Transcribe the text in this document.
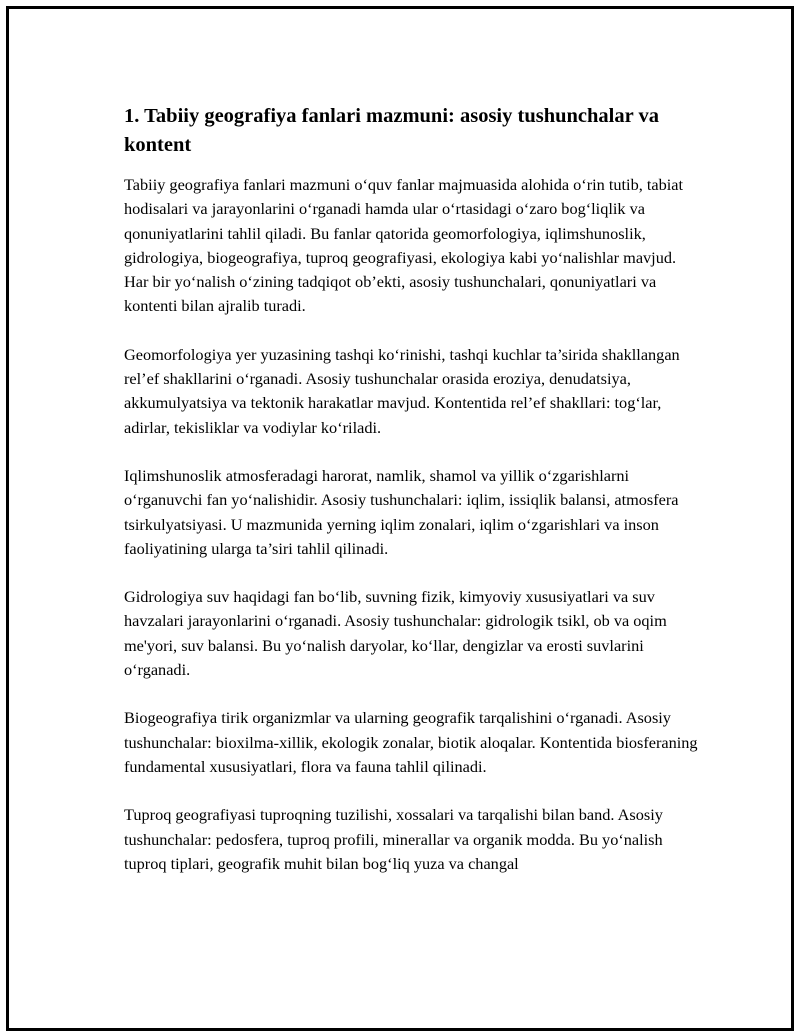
1. Tabiiy geografiya fanlari mazmuni: asosiy tushunchalar va kontent

Tabiiy geografiya fanlari mazmuni o‘quv fanlar majmuasida alohida o‘rin tutib, tabiat hodisalari va jarayonlarini o‘rganadi hamda ular o‘rtasidagi o‘zaro bog‘liqlik va qonuniyatlarini tahlil qiladi. Bu fanlar qatorida geomorfologiya, iqlimshunoslik, gidrologiya, biogeografiya, tuproq geografiyasi, ekologiya kabi yo‘nalishlar mavjud. Har bir yo‘nalish o‘zining tadqiqot ob’ekti, asosiy tushunchalari, qonuniyatlari va kontenti bilan ajralib turadi.

Geomorfologiya yer yuzasining tashqi ko‘rinishi, tashqi kuchlar ta’sirida shakllangan rel’ef shakllarini o‘rganadi. Asosiy tushunchalar orasida eroziya, denudatsiya, akkumulyatsiya va tektonik harakatlar mavjud. Kontentida rel’ef shakllari: tog‘lar, adirlar, tekisliklar va vodiylar ko‘riladi.

Iqlimshunoslik atmosferadagi harorat, namlik, shamol va yillik o‘zgarishlarni o‘rganuvchi fan yo‘nalishidir. Asosiy tushunchalari: iqlim, issiqlik balansi, atmosfera tsirkulyatsiyasi. U mazmunida yerning iqlim zonalari, iqlim o‘zgarishlari va inson faoliyatining ularga ta’siri tahlil qilinadi.

Gidrologiya suv haqidagi fan bo‘lib, suvning fizik, kimyoviy xususiyatlari va suv havzalari jarayonlarini o‘rganadi. Asosiy tushunchalar: gidrologik tsikl, ob va oqim me'yori, suv balansi. Bu yo‘nalish daryolar, ko‘llar, dengizlar va erosti suvlarini o‘rganadi.

Biogeografiya tirik organizmlar va ularning geografik tarqalishini o‘rganadi. Asosiy tushunchalar: bioxilma-xillik, ekologik zonalar, biotik aloqalar. Kontentida biosferaning fundamental xususiyatlari, flora va fauna tahlil qilinadi.

Tuproq geografiyasi tuproqning tuzilishi, xossalari va tarqalishi bilan band. Asosiy tushunchalar: pedosfera, tuproq profili, minerallar va organik modda. Bu yo‘nalish tuproq tiplari, geografik muhit bilan bog‘liq yuza va changal
